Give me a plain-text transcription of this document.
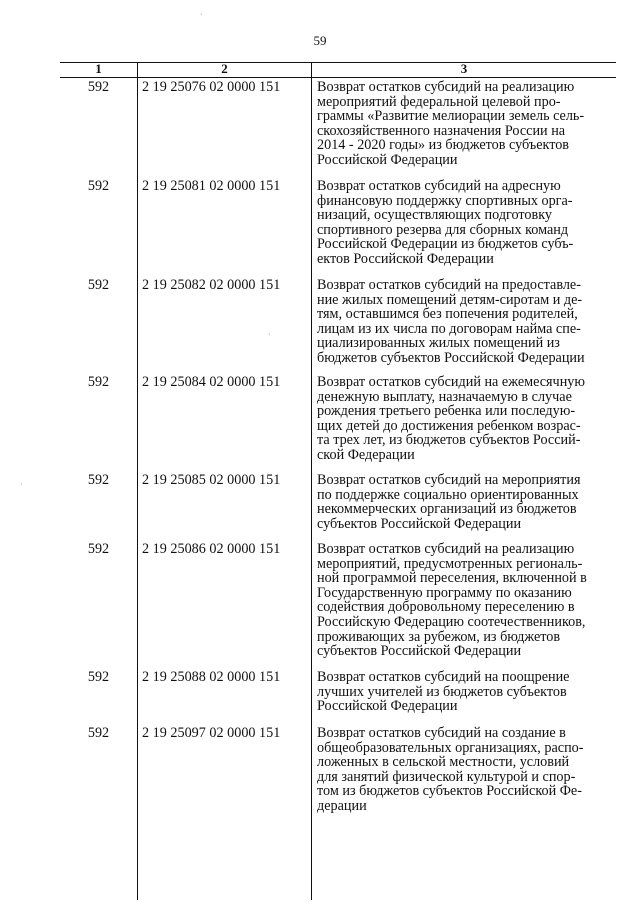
59
1	2	3
592	2 19 25076 02 0000 151	Возврат остатков субсидий на реализацию
мероприятий федеральной целевой про-
граммы «Развитие мелиорации земель сель-
скохозяйственного назначения России на
2014 - 2020 годы» из бюджетов субъектов
Российской Федерации
592	2 19 25081 02 0000 151	Возврат остатков субсидий на адресную
финансовую поддержку спортивных орга-
низаций, осуществляющих подготовку
спортивного резерва для сборных команд
Российской Федерации из бюджетов субъ-
ектов Российской Федерации
592	2 19 25082 02 0000 151	Возврат остатков субсидий на предоставле-
ние жилых помещений детям-сиротам и де-
тям, оставшимся без попечения родителей,
лицам из их числа по договорам найма спе-
циализированных жилых помещений из
бюджетов субъектов Российской Федерации
592	2 19 25084 02 0000 151	Возврат остатков субсидий на ежемесячную
денежную выплату, назначаемую в случае
рождения третьего ребенка или последую-
щих детей до достижения ребенком возрас-
та трех лет, из бюджетов субъектов Россий-
ской Федерации
592	2 19 25085 02 0000 151	Возврат остатков субсидий на мероприятия
по поддержке социально ориентированных
некоммерческих организаций из бюджетов
субъектов Российской Федерации
592	2 19 25086 02 0000 151	Возврат остатков субсидий на реализацию
мероприятий, предусмотренных региональ-
ной программой переселения, включенной в
Государственную программу по оказанию
содействия добровольному переселению в
Российскую Федерацию соотечественников,
проживающих за рубежом, из бюджетов
субъектов Российской Федерации
592	2 19 25088 02 0000 151	Возврат остатков субсидий на поощрение
лучших учителей из бюджетов субъектов
Российской Федерации
592	2 19 25097 02 0000 151	Возврат остатков субсидий на создание в
общеобразовательных организациях, распо-
ложенных в сельской местности, условий
для занятий физической культурой и спор-
том из бюджетов субъектов Российской Фе-
дерации
·
·
·
